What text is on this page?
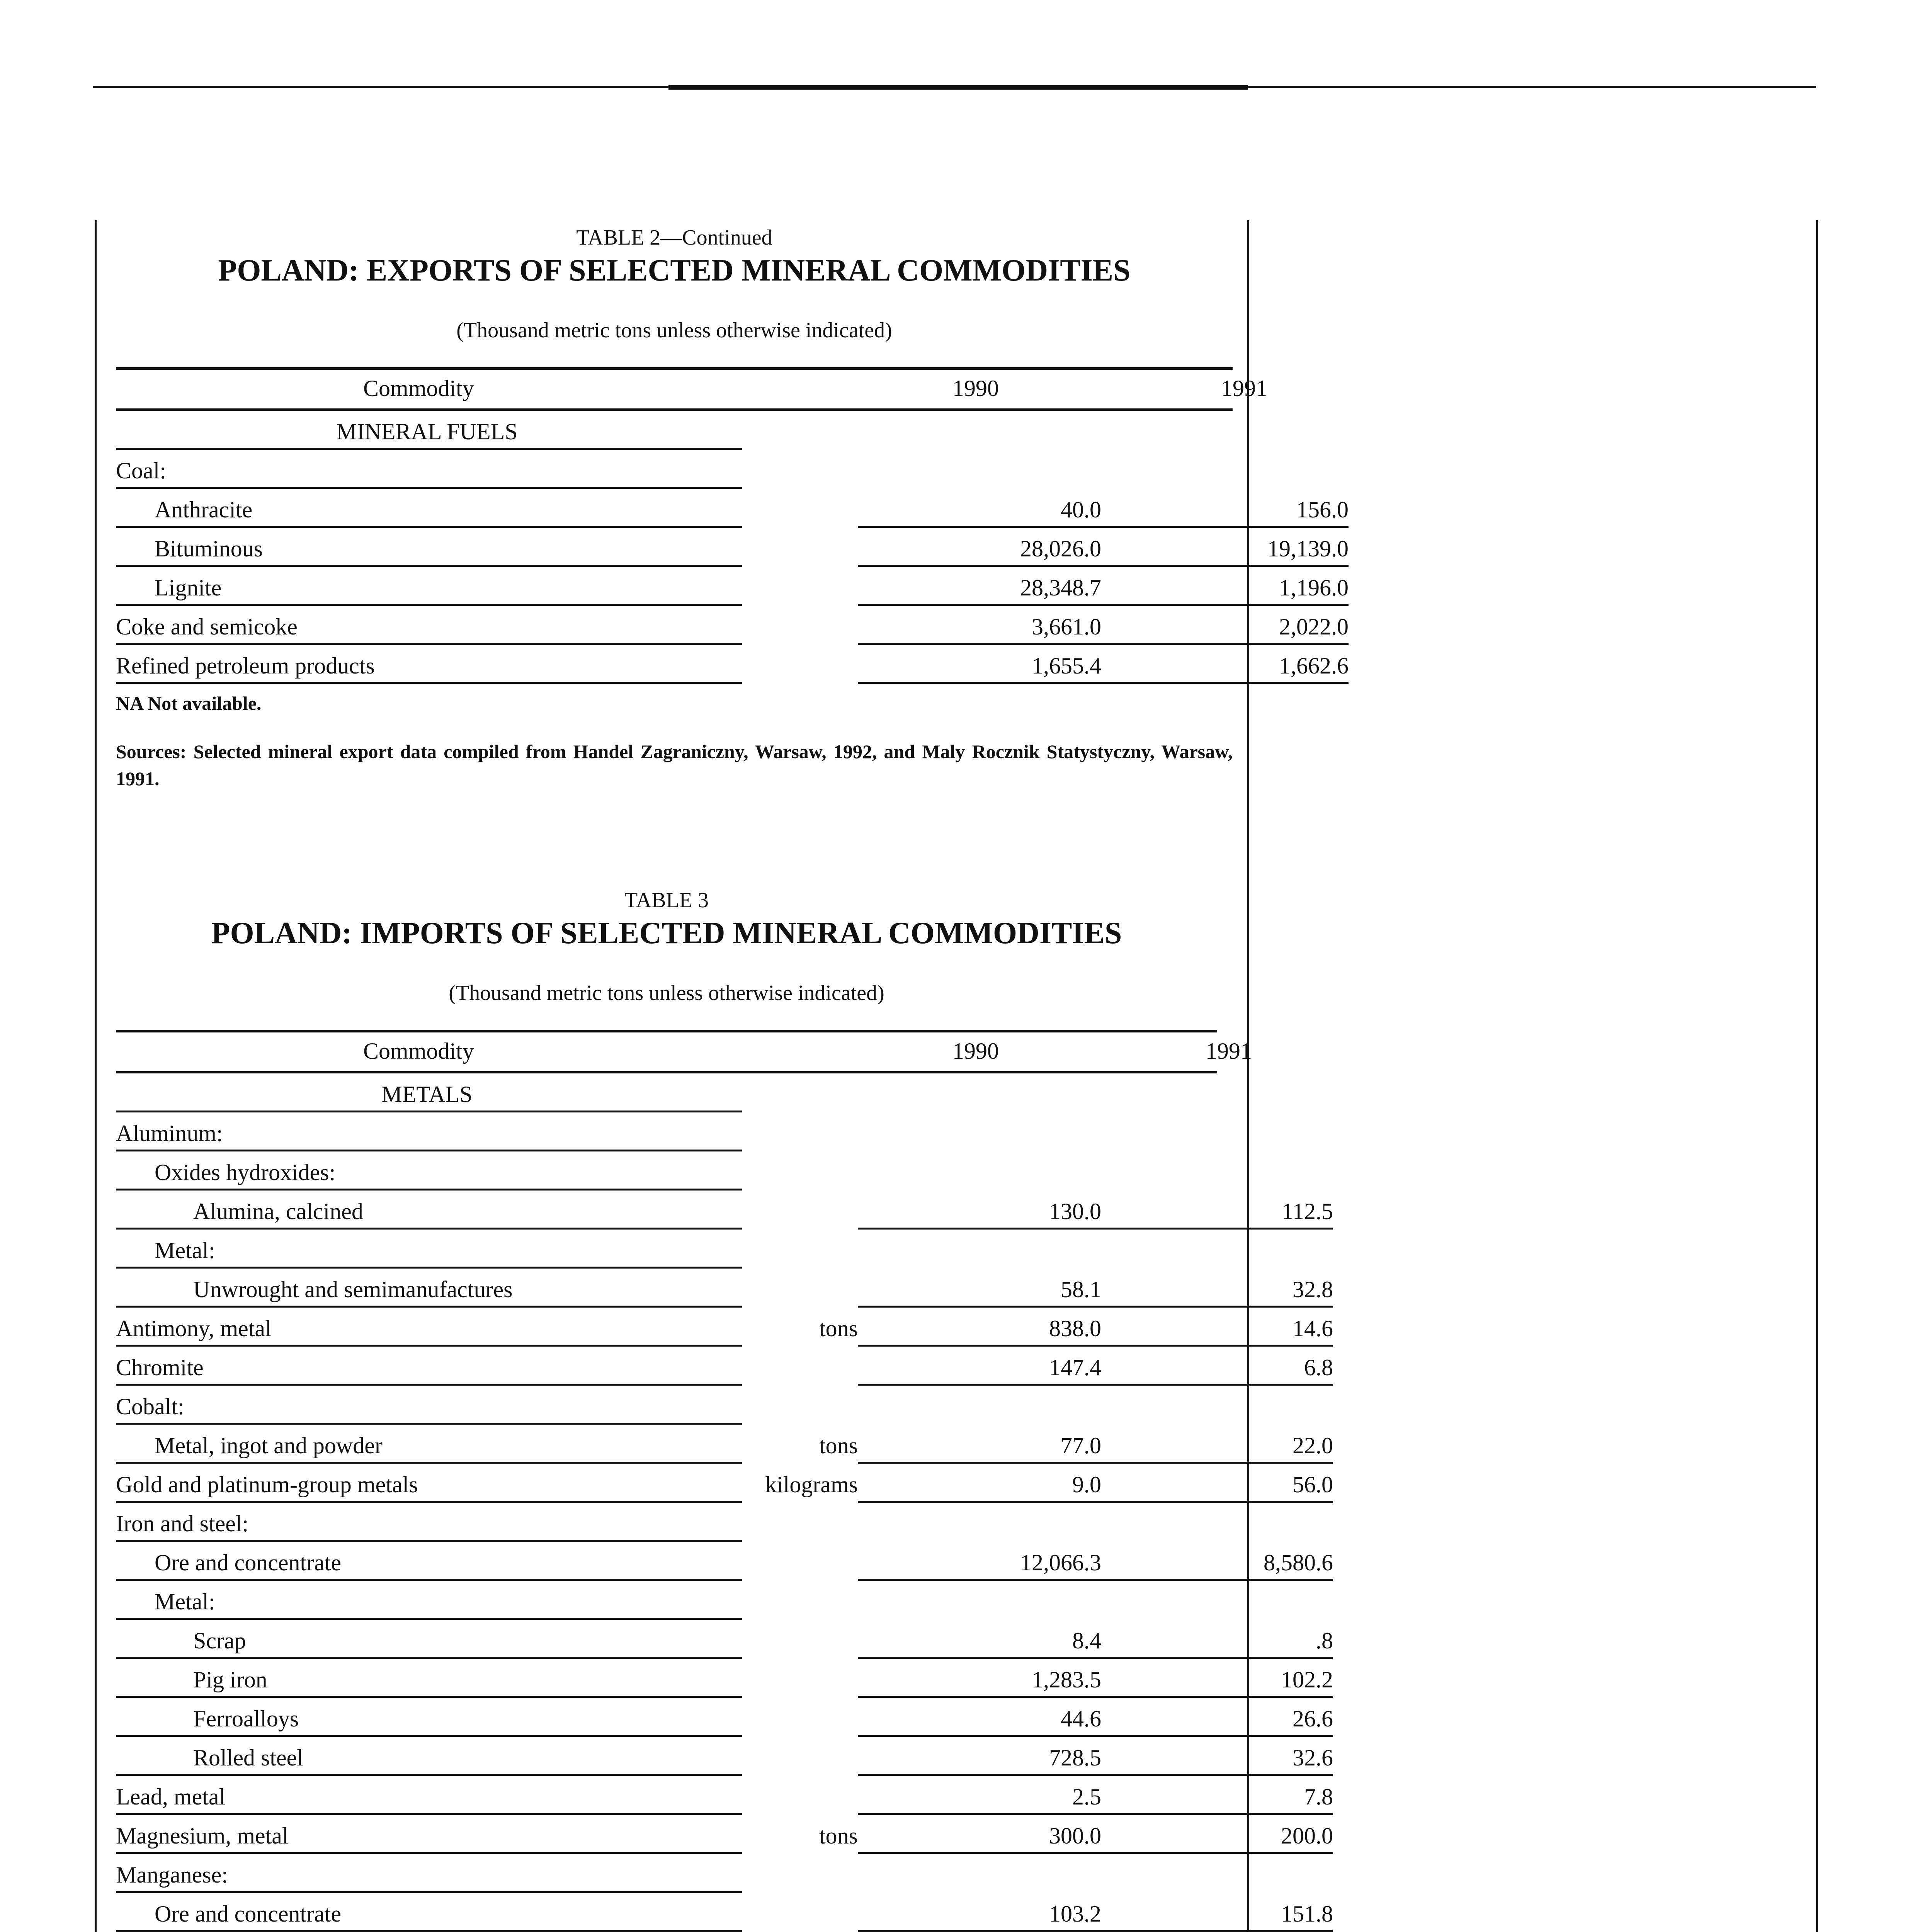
TABLE 2—Continued
POLAND: EXPORTS OF SELECTED MINERAL COMMODITIES
(Thousand metric tons unless otherwise indicated)
Commodity	1990	1991
MINERAL FUELS
Coal:
Anthracite	40.0	156.0
Bituminous	28,026.0	19,139.0
Lignite	28,348.7	1,196.0
Coke and semicoke	3,661.0	2,022.0
Refined petroleum products	1,655.4	1,662.6
NA Not available.
Sources: Selected mineral export data compiled from Handel Zagraniczny, Warsaw, 1992, and Maly Rocznik Statystyczny, Warsaw, 1991.
TABLE 3
POLAND: IMPORTS OF SELECTED MINERAL COMMODITIES
(Thousand metric tons unless otherwise indicated)
Commodity	1990	1991
METALS
Aluminum:
Oxides hydroxides:
Alumina, calcined	130.0	112.5
Metal:
Unwrought and semimanufactures	58.1	32.8
Antimony, metal	tons	838.0	14.6
Chromite	147.4	6.8
Cobalt:
Metal, ingot and powder	tons	77.0	22.0
Gold and platinum-group metals	kilograms	9.0	56.0
Iron and steel:
Ore and concentrate	12,066.3	8,580.6
Metal:
Scrap	8.4	.8
Pig iron	1,283.5	102.2
Ferroalloys	44.6	26.6
Rolled steel	728.5	32.6
Lead, metal	2.5	7.8
Magnesium, metal	tons	300.0	200.0
Manganese:
Ore and concentrate	103.2	151.8
